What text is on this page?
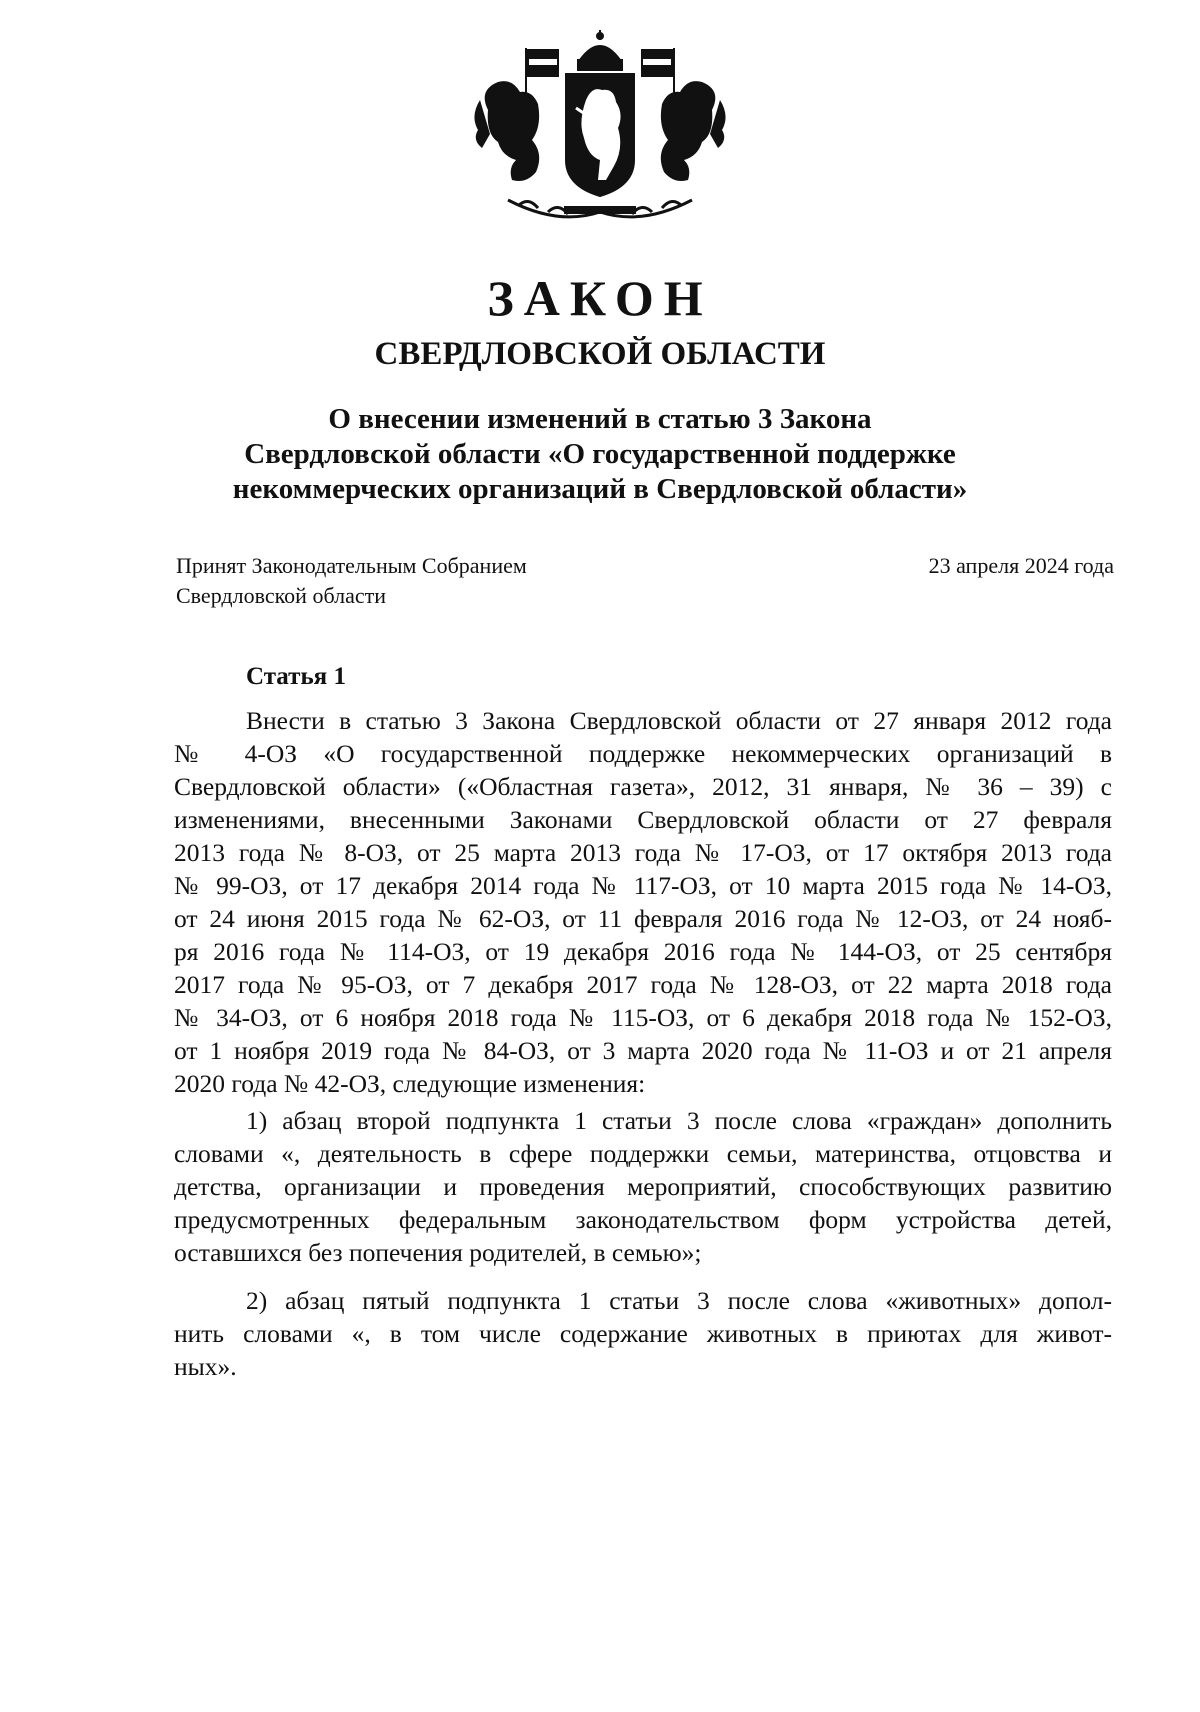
ЗАКОН
СВЕРДЛОВСКОЙ ОБЛАСТИ
О внесении изменений в статью 3 Закона
Свердловской области «О государственной поддержке
некоммерческих организаций в Свердловской области»
Принят Законодательным Собранием
Свердловской области
23 апреля 2024 года
Статья 1
Внести в статью 3 Закона Свердловской области от 27 января 2012 года
№ 4-ОЗ «О государственной поддержке некоммерческих организаций в
Свердловской области» («Областная газета», 2012, 31 января, № 36 – 39) с
изменениями, внесенными Законами Свердловской области от 27 февраля
2013 года № 8-ОЗ, от 25 марта 2013 года № 17-ОЗ, от 17 октября 2013 года
№ 99-ОЗ, от 17 декабря 2014 года № 117-ОЗ, от 10 марта 2015 года № 14-ОЗ,
от 24 июня 2015 года № 62-ОЗ, от 11 февраля 2016 года № 12-ОЗ, от 24 нояб-
ря 2016 года № 114-ОЗ, от 19 декабря 2016 года № 144-ОЗ, от 25 сентября
2017 года № 95-ОЗ, от 7 декабря 2017 года № 128-ОЗ, от 22 марта 2018 года
№ 34-ОЗ, от 6 ноября 2018 года № 115-ОЗ, от 6 декабря 2018 года № 152-ОЗ,
от 1 ноября 2019 года № 84-ОЗ, от 3 марта 2020 года № 11-ОЗ и от 21 апреля
2020 года № 42-ОЗ, следующие изменения:
1) абзац второй подпункта 1 статьи 3 после слова «граждан» дополнить
словами «, деятельность в сфере поддержки семьи, материнства, отцовства и
детства, организации и проведения мероприятий, способствующих развитию
предусмотренных федеральным законодательством форм устройства детей,
оставшихся без попечения родителей, в семью»;
2) абзац пятый подпункта 1 статьи 3 после слова «животных» допол-
нить словами «, в том числе содержание животных в приютах для живот-
ных».
